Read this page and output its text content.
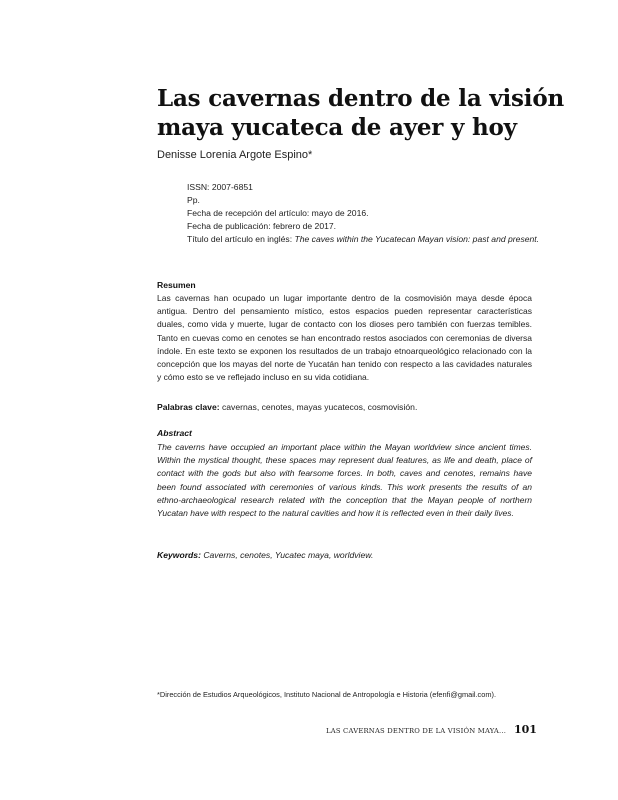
Las cavernas dentro de la visión
maya yucateca de ayer y hoy
Denisse Lorenia Argote Espino*
ISSN: 2007-6851
Pp.
Fecha de recepción del artículo: mayo de 2016.
Fecha de publicación: febrero de 2017.
Título del artículo en inglés: The caves within the Yucatecan Mayan vision: past and present.
Resumen
Las cavernas han ocupado un lugar importante dentro de la cosmovisión maya desde época antigua. Dentro del pensamiento místico, estos espacios pueden representar características duales, como vida y muerte, lugar de contacto con los dioses pero también con fuerzas temibles. Tanto en cuevas como en cenotes se han encontrado restos asociados con ceremonias de diversa índole. En este texto se exponen los resultados de un trabajo etnoarqueológico relacionado con la concepción que los mayas del norte de Yucatán han tenido con respecto a las cavidades naturales y cómo esto se ve reflejado incluso en su vida cotidiana.
Palabras clave: cavernas, cenotes, mayas yucatecos, cosmovisión.
Abstract
The caverns have occupied an important place within the Mayan worldview since ancient times. Within the mystical thought, these spaces may represent dual features, as life and death, place of contact with the gods but also with fearsome forces. In both, caves and cenotes, remains have been found associated with ceremonies of various kinds. This work presents the results of an ethno-archaeological research related with the conception that the Mayan people of northern Yucatan have with respect to the natural cavities and how it is reflected even in their daily lives.
Keywords: Caverns, cenotes, Yucatec maya, worldview.
*Dirección de Estudios Arqueológicos, Instituto Nacional de Antropología e Historia (efenfi@gmail.com).
LAS CAVERNAS DENTRO DE LA VISIÓN MAYA... 101
